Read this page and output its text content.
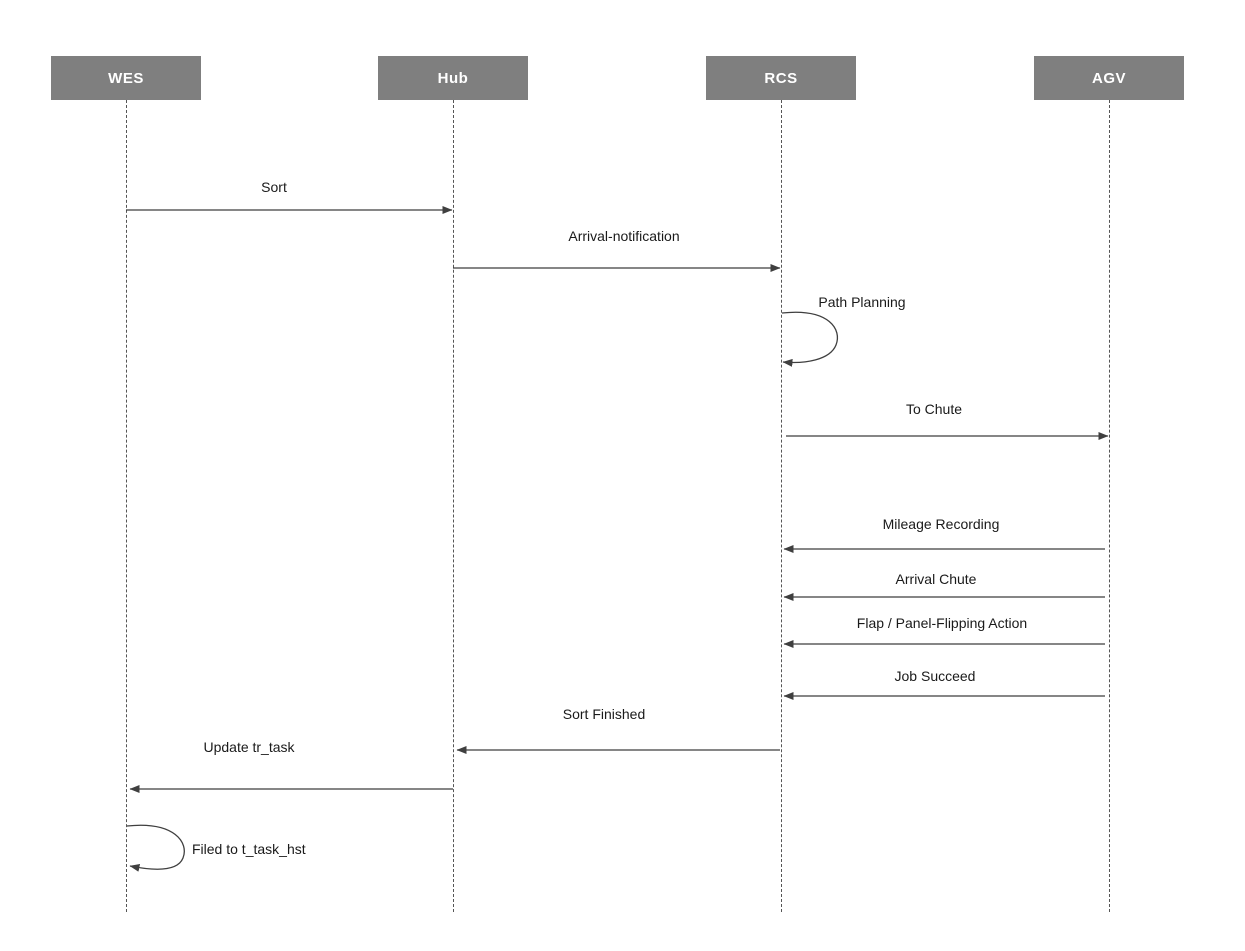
WES	Hub	RCS	AGV
Sort
Arrival-notification
Path Planning
To Chute
Mileage Recording
Arrival Chute
Flap / Panel-Flipping Action
Job Succeed
Sort Finished
Update tr_task
Filed to t_task_hst
